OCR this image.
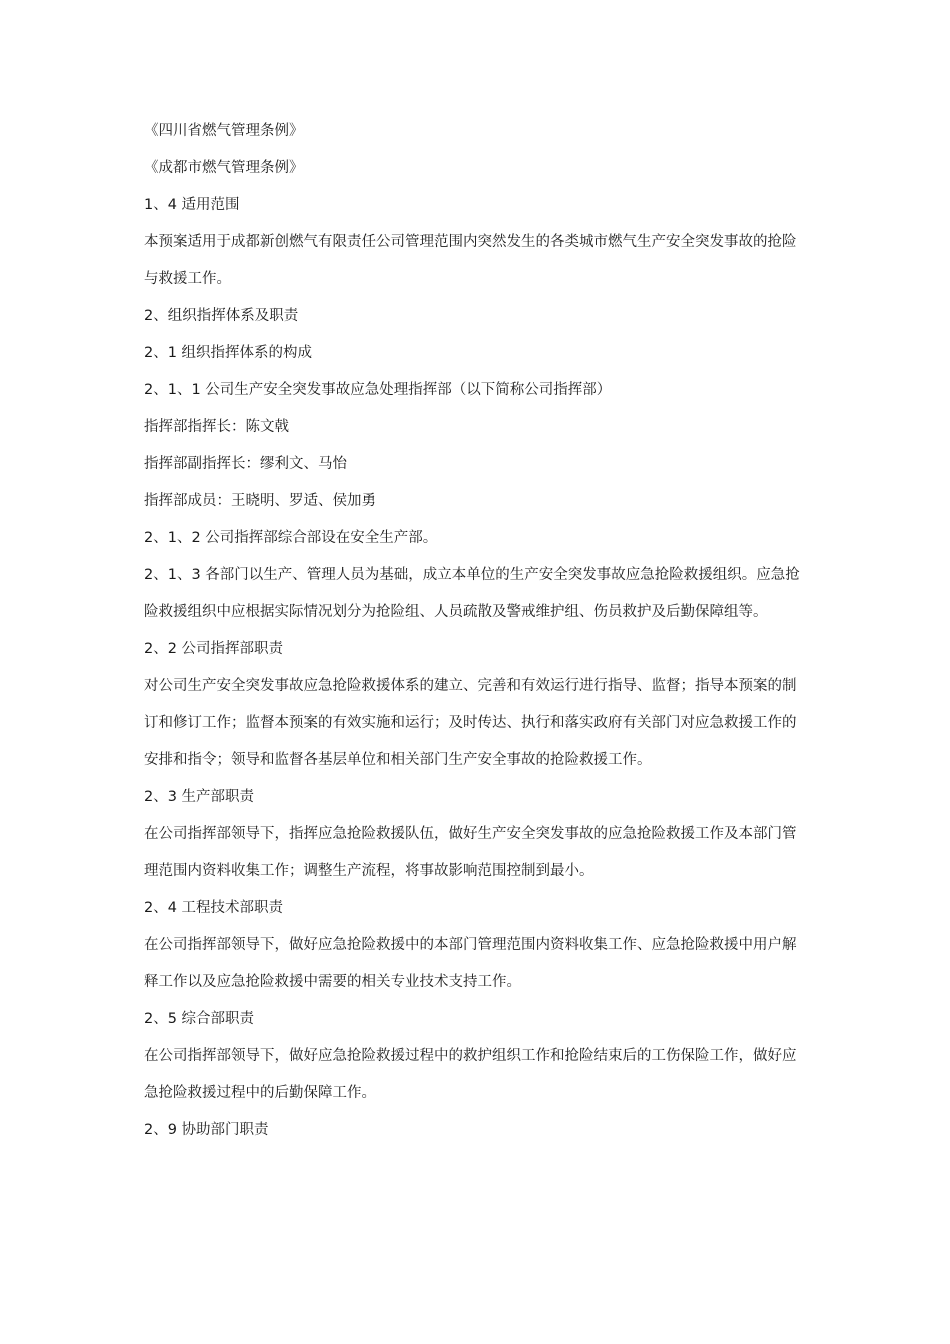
《四川省燃气管理条例》

《成都市燃气管理条例》

1、4 适用范围

本预案适用于成都新创燃气有限责任公司管理范围内突然发生的各类城市燃气生产安全突发事故的抢险与救援工作。

2、组织指挥体系及职责

2、1 组织指挥体系的构成

2、1、1 公司生产安全突发事故应急处理指挥部（以下简称公司指挥部）

指挥部指挥长：陈文戟

指挥部副指挥长：缪利文、马怡

指挥部成员：王晓明、罗适、侯加勇

2、1、2 公司指挥部综合部设在安全生产部。

2、1、3 各部门以生产、管理人员为基础，成立本单位的生产安全突发事故应急抢险救援组织。应急抢险救援组织中应根据实际情况划分为抢险组、人员疏散及警戒维护组、伤员救护及后勤保障组等。

2、2 公司指挥部职责

对公司生产安全突发事故应急抢险救援体系的建立、完善和有效运行进行指导、监督；指导本预案的制订和修订工作；监督本预案的有效实施和运行；及时传达、执行和落实政府有关部门对应急救援工作的安排和指令；领导和监督各基层单位和相关部门生产安全事故的抢险救援工作。

2、3 生产部职责

在公司指挥部领导下，指挥应急抢险救援队伍，做好生产安全突发事故的应急抢险救援工作及本部门管理范围内资料收集工作；调整生产流程，将事故影响范围控制到最小。

2、4 工程技术部职责

在公司指挥部领导下，做好应急抢险救援中的本部门管理范围内资料收集工作、应急抢险救援中用户解释工作以及应急抢险救援中需要的相关专业技术支持工作。

2、5 综合部职责

在公司指挥部领导下，做好应急抢险救援过程中的救护组织工作和抢险结束后的工伤保险工作，做好应急抢险救援过程中的后勤保障工作。

2、9 协助部门职责
